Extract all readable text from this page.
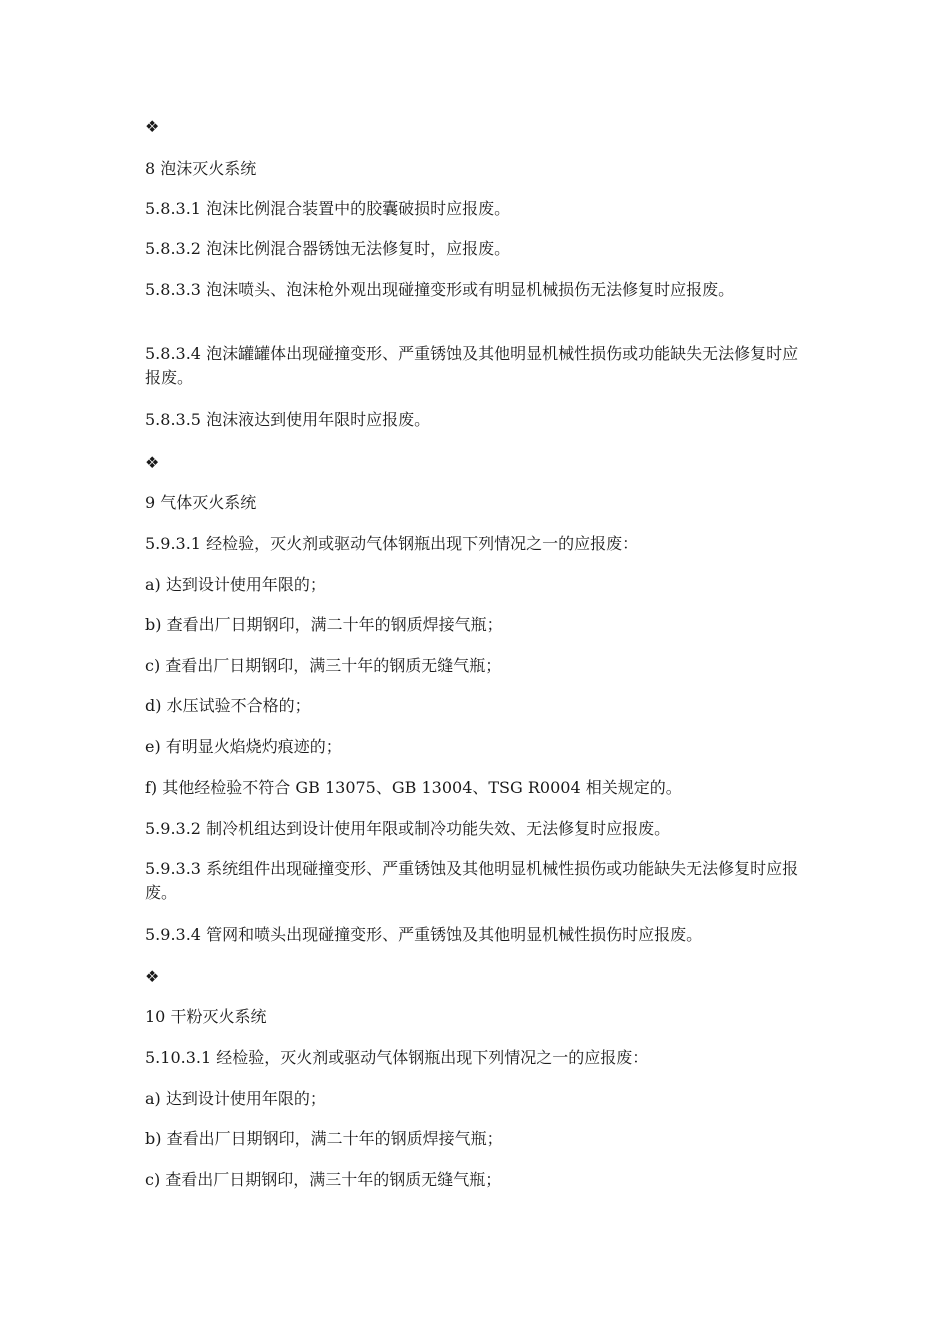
❖
8 泡沫灭火系统
5.8.3.1 泡沫比例混合装置中的胶囊破损时应报废。
5.8.3.2 泡沫比例混合器锈蚀无法修复时，应报废。
5.8.3.3 泡沫喷头、泡沫枪外观出现碰撞变形或有明显机械损伤无法修复时应报废。
5.8.3.4 泡沫罐罐体出现碰撞变形、严重锈蚀及其他明显机械性损伤或功能缺失无法修复时应报废。
5.8.3.5 泡沫液达到使用年限时应报废。
❖
9 气体灭火系统
5.9.3.1 经检验，灭火剂或驱动气体钢瓶出现下列情况之一的应报废：
a) 达到设计使用年限的；
b) 查看出厂日期钢印，满二十年的钢质焊接气瓶；
c) 查看出厂日期钢印，满三十年的钢质无缝气瓶；
d) 水压试验不合格的；
e) 有明显火焰烧灼痕迹的；
f) 其他经检验不符合 GB 13075、GB 13004、TSG R0004 相关规定的。
5.9.3.2 制冷机组达到设计使用年限或制冷功能失效、无法修复时应报废。
5.9.3.3 系统组件出现碰撞变形、严重锈蚀及其他明显机械性损伤或功能缺失无法修复时应报废。
5.9.3.4 管网和喷头出现碰撞变形、严重锈蚀及其他明显机械性损伤时应报废。
❖
10 干粉灭火系统
5.10.3.1 经检验，灭火剂或驱动气体钢瓶出现下列情况之一的应报废：
a) 达到设计使用年限的；
b) 查看出厂日期钢印，满二十年的钢质焊接气瓶；
c) 查看出厂日期钢印，满三十年的钢质无缝气瓶；
